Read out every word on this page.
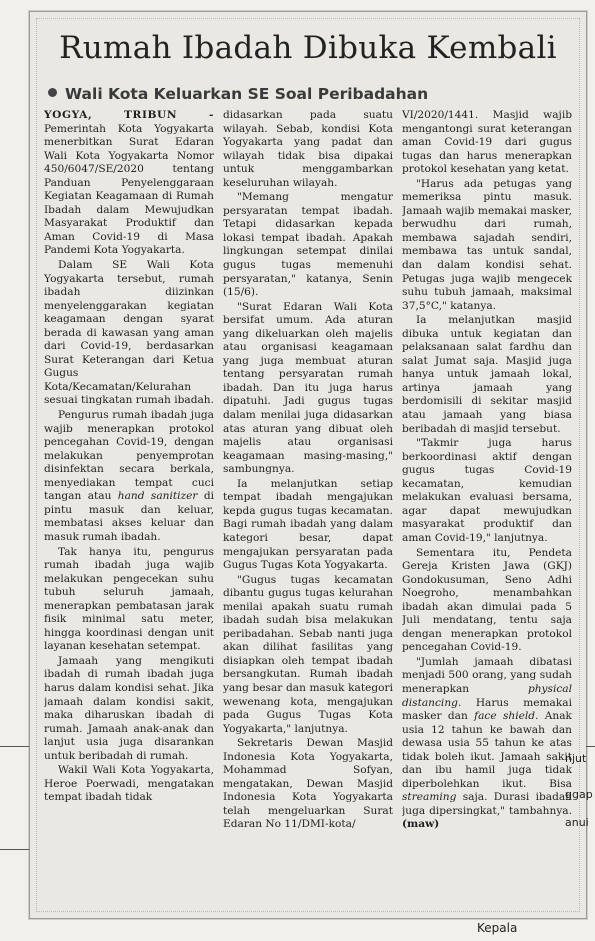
Rumah Ibadah Dibuka Kembali
Wali Kota Keluarkan SE Soal Peribadahan

YOGYA, TRIBUN - Pemerintah Kota Yogyakarta menerbitkan Surat Edaran Wali Kota Yogyakarta Nomor 450/6047/SE/2020 tentang Panduan Penyelenggaraan Kegiatan Keagamaan di Rumah Ibadah dalam Mewujudkan Masyarakat Produktif dan Aman Covid-19 di Masa Pandemi Kota Yogyakarta.

Dalam SE Wali Kota Yogyakarta tersebut, rumah ibadah diizinkan menyelenggarakan kegiatan keagamaan dengan syarat berada di kawasan yang aman dari Covid-19, berdasarkan Surat Keterangan dari Ketua Gugus Kota/Kecamatan/Kelurahan sesuai tingkatan rumah ibadah.

Pengurus rumah ibadah juga wajib menerapkan protokol pencegahan Covid-19, dengan melakukan penyemprotan disinfektan secara berkala, menyediakan tempat cuci tangan atau hand sanitizer di pintu masuk dan keluar, membatasi akses keluar dan masuk rumah ibadah.

Tak hanya itu, pengurus rumah ibadah juga wajib melakukan pengecekan suhu tubuh seluruh jamaah, menerapkan pembatasan jarak fisik minimal satu meter, hingga koordinasi dengan unit layanan kesehatan setempat.

Jamaah yang mengikuti ibadah di rumah ibadah juga harus dalam kondisi sehat. Jika jamaah dalam kondisi sakit, maka diharuskan ibadah di rumah. Jamaah anak-anak dan lanjut usia juga disarankan untuk beribadah di rumah.

Wakil Wali Kota Yogyakarta, Heroe Poerwadi, mengatakan tempat ibadah tidak

didasarkan pada suatu wilayah. Sebab, kondisi Kota Yogyakarta yang padat dan wilayah tidak bisa dipakai untuk menggambarkan keseluruhan wilayah.

"Memang mengatur persyaratan tempat ibadah. Tetapi didasarkan kepada lokasi tempat ibadah. Apakah lingkungan setempat dinilai gugus tugas memenuhi persyaratan," katanya, Senin (15/6).

"Surat Edaran Wali Kota bersifat umum. Ada aturan yang dikeluarkan oleh majelis atau organisasi keagamaan yang juga membuat aturan tentang persyaratan rumah ibadah. Dan itu juga harus dipatuhi. Jadi gugus tugas dalam menilai juga didasarkan atas aturan yang dibuat oleh majelis atau organisasi keagamaan masing-masing," sambungnya.

Ia melanjutkan setiap tempat ibadah mengajukan kepda gugus tugas kecamatan. Bagi rumah ibadah yang dalam kategori besar, dapat mengajukan persyaratan pada Gugus Tugas Kota Yogyakarta.

"Gugus tugas kecamatan dibantu gugus tugas kelurahan menilai apakah suatu rumah ibadah sudah bisa melakukan peribadahan. Sebab nanti juga akan dilihat fasilitas yang disiapkan oleh tempat ibadah bersangkutan. Rumah ibadah yang besar dan masuk kategori wewenang kota, mengajukan pada Gugus Tugas Kota Yogyakarta," lanjutnya.

Sekretaris Dewan Masjid Indonesia Kota Yogyakarta, Mohammad Sofyan, mengatakan, Dewan Masjid Indonesia Kota Yogyakarta telah mengeluarkan Surat Edaran No 11/DMI-kota/

VI/2020/1441. Masjid wajib mengantongi surat keterangan aman Covid-19 dari gugus tugas dan harus menerapkan protokol kesehatan yang ketat.

"Harus ada petugas yang memeriksa pintu masuk. Jamaah wajib memakai masker, berwudhu dari rumah, membawa sajadah sendiri, membawa tas untuk sandal, dan dalam kondisi sehat. Petugas juga wajib mengecek suhu tubuh jamaah, maksimal 37,5°C," katanya.

Ia melanjutkan masjid dibuka untuk kegiatan dan pelaksanaan salat fardhu dan salat Jumat saja. Masjid juga hanya untuk jamaah lokal, artinya jamaah yang berdomisili di sekitar masjid atau jamaah yang biasa beribadah di masjid tersebut.

"Takmir juga harus berkoordinasi aktif dengan gugus tugas Covid-19 kecamatan, kemudian melakukan evaluasi bersama, agar dapat mewujudkan masyarakat produktif dan aman Covid-19," lanjutnya.

Sementara itu, Pendeta Gereja Kristen Jawa (GKJ) Gondokusuman, Seno Adhi Noegroho, menambahkan ibadah akan dimulai pada 5 Juli mendatang, tentu saja dengan menerapkan protokol pencegahan Covid-19.

"Jumlah jamaah dibatasi menjadi 500 orang, yang sudah menerapkan physical distancing. Harus memakai masker dan face shield. Anak usia 12 tahun ke bawah dan dewasa usia 55 tahun ke atas tidak boleh ikut. Jamaah sakit dan ibu hamil juga tidak diperbolehkan ikut. Bisa streaming saja. Durasi ibadah juga dipersingkat," tambahnya. (maw)

njut
ggap
anui
Kepala
